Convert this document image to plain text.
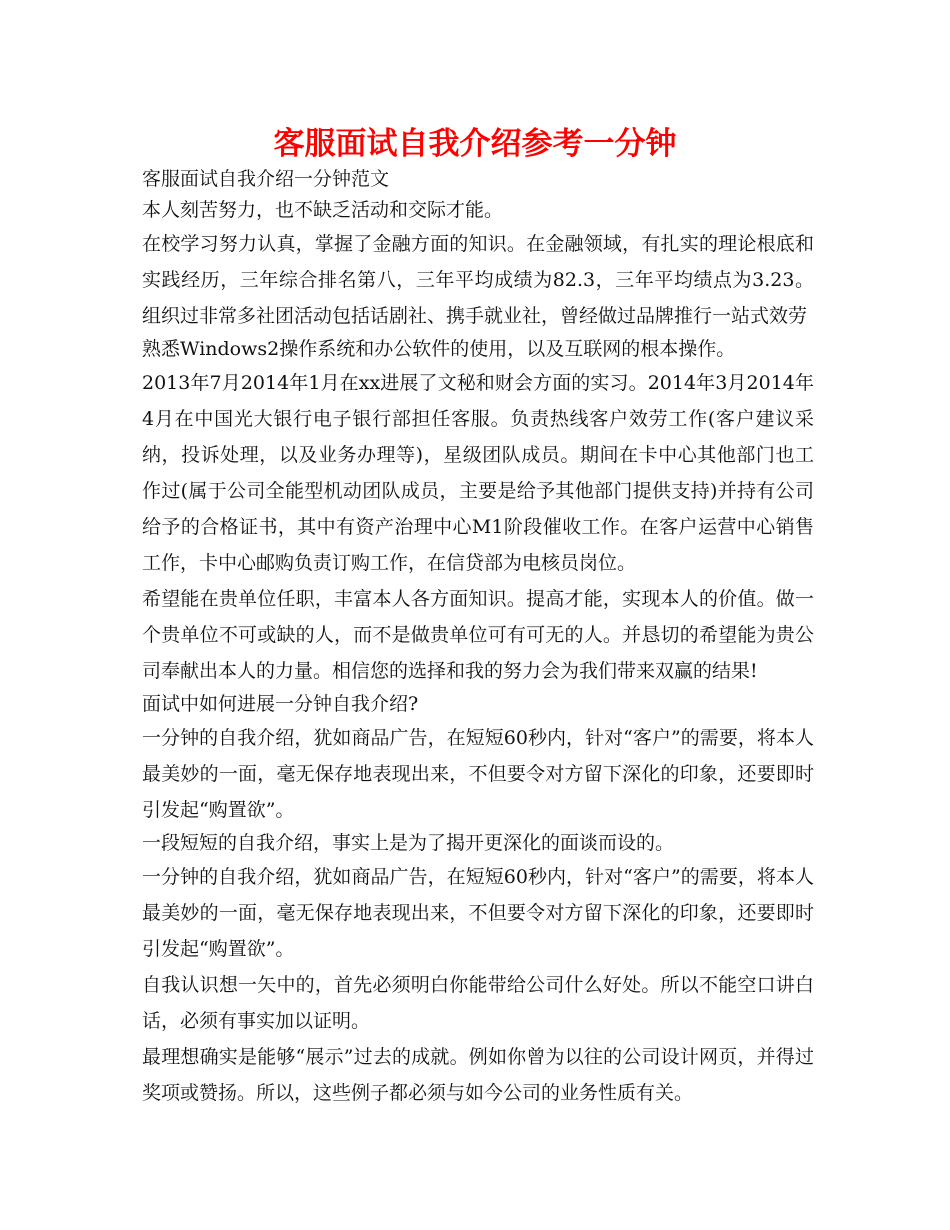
客服面试自我介绍参考一分钟

客服面试自我介绍一分钟范文

本人刻苦努力，也不缺乏活动和交际才能。

在校学习努力认真，掌握了金融方面的知识。在金融领域，有扎实的理论根底和实践经历，三年综合排名第八，三年平均成绩为82.3，三年平均绩点为3.23。组织过非常多社团活动包括话剧社、携手就业社，曾经做过品牌推行一站式效劳

熟悉Windows2操作系统和办公软件的使用，以及互联网的根本操作。

2013年7月2014年1月在xx进展了文秘和财会方面的实习。2014年3月2014年4月在中国光大银行电子银行部担任客服。负责热线客户效劳工作(客户建议采纳，投诉处理，以及业务办理等)，星级团队成员。期间在卡中心其他部门也工作过(属于公司全能型机动团队成员，主要是给予其他部门提供支持)并持有公司给予的合格证书，其中有资产治理中心M1阶段催收工作。在客户运营中心销售工作，卡中心邮购负责订购工作，在信贷部为电核员岗位。

希望能在贵单位任职，丰富本人各方面知识。提高才能，实现本人的价值。做一个贵单位不可或缺的人，而不是做贵单位可有可无的人。并恳切的希望能为贵公司奉献出本人的力量。相信您的选择和我的努力会为我们带来双赢的结果!

面试中如何进展一分钟自我介绍?

一分钟的自我介绍，犹如商品广告，在短短60秒内，针对“客户”的需要，将本人最美妙的一面，毫无保存地表现出来，不但要令对方留下深化的印象，还要即时引发起“购置欲”。

一段短短的自我介绍，事实上是为了揭开更深化的面谈而设的。

一分钟的自我介绍，犹如商品广告，在短短60秒内，针对“客户”的需要，将本人最美妙的一面，毫无保存地表现出来，不但要令对方留下深化的印象，还要即时引发起“购置欲”。

自我认识想一矢中的，首先必须明白你能带给公司什么好处。所以不能空口讲白话，必须有事实加以证明。

最理想确实是能够“展示”过去的成就。例如你曾为以往的公司设计网页，并得过奖项或赞扬。所以，这些例子都必须与如今公司的业务性质有关。
